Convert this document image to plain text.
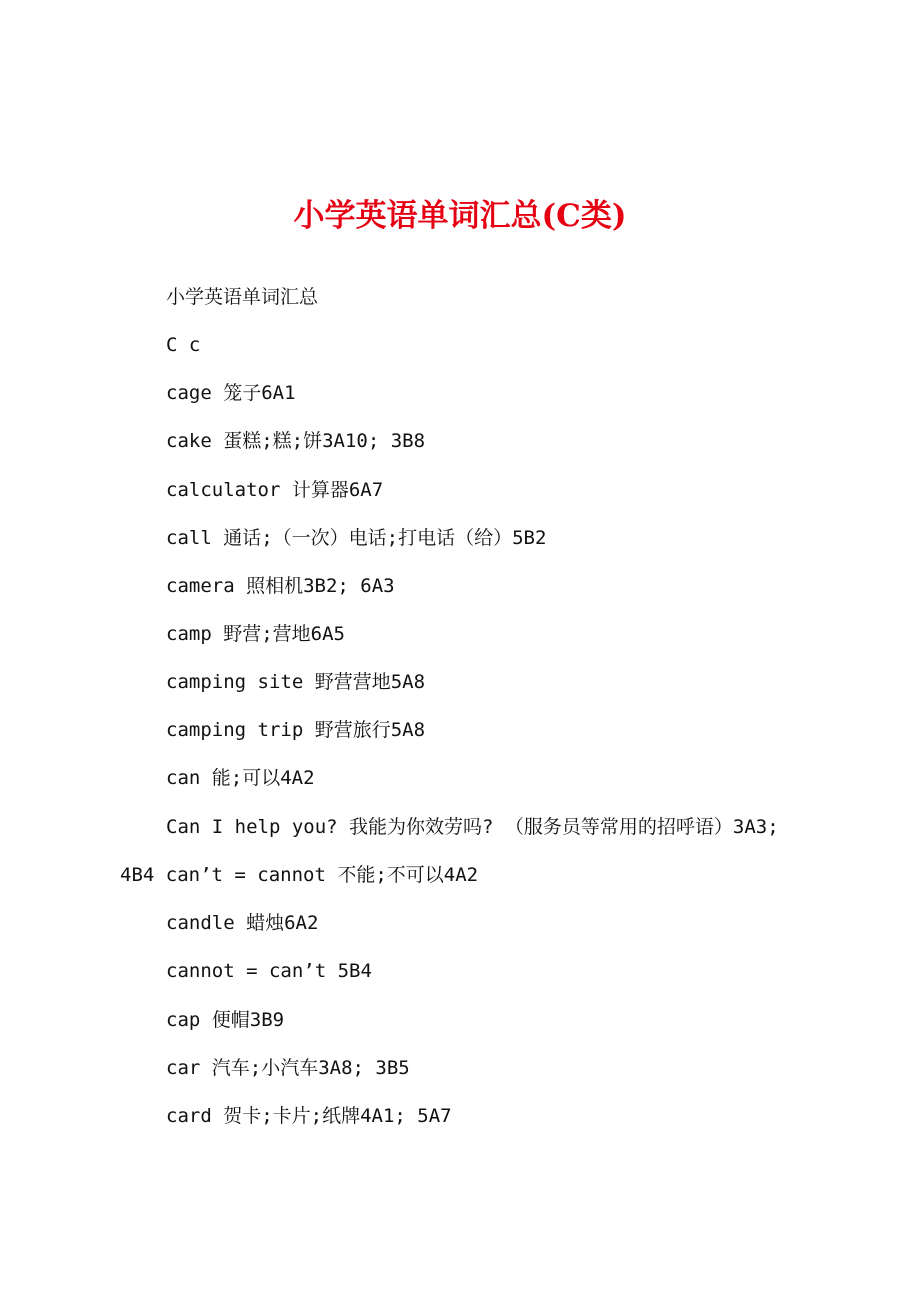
小学英语单词汇总(C类)
小学英语单词汇总
C c
cage 笼子6A1
cake 蛋糕;糕;饼3A10; 3B8
calculator 计算器6A7
call 通话;（一次）电话;打电话（给）5B2
camera 照相机3B2; 6A3
camp 野营;营地6A5
camping site 野营营地5A8
camping trip 野营旅行5A8
can 能;可以4A2
Can I help you? 我能为你效劳吗? （服务员等常用的招呼语）3A3;
4B4 can’t = cannot 不能;不可以4A2
candle 蜡烛6A2
cannot = can’t 5B4
cap 便帽3B9
car 汽车;小汽车3A8; 3B5
card 贺卡;卡片;纸牌4A1; 5A7
